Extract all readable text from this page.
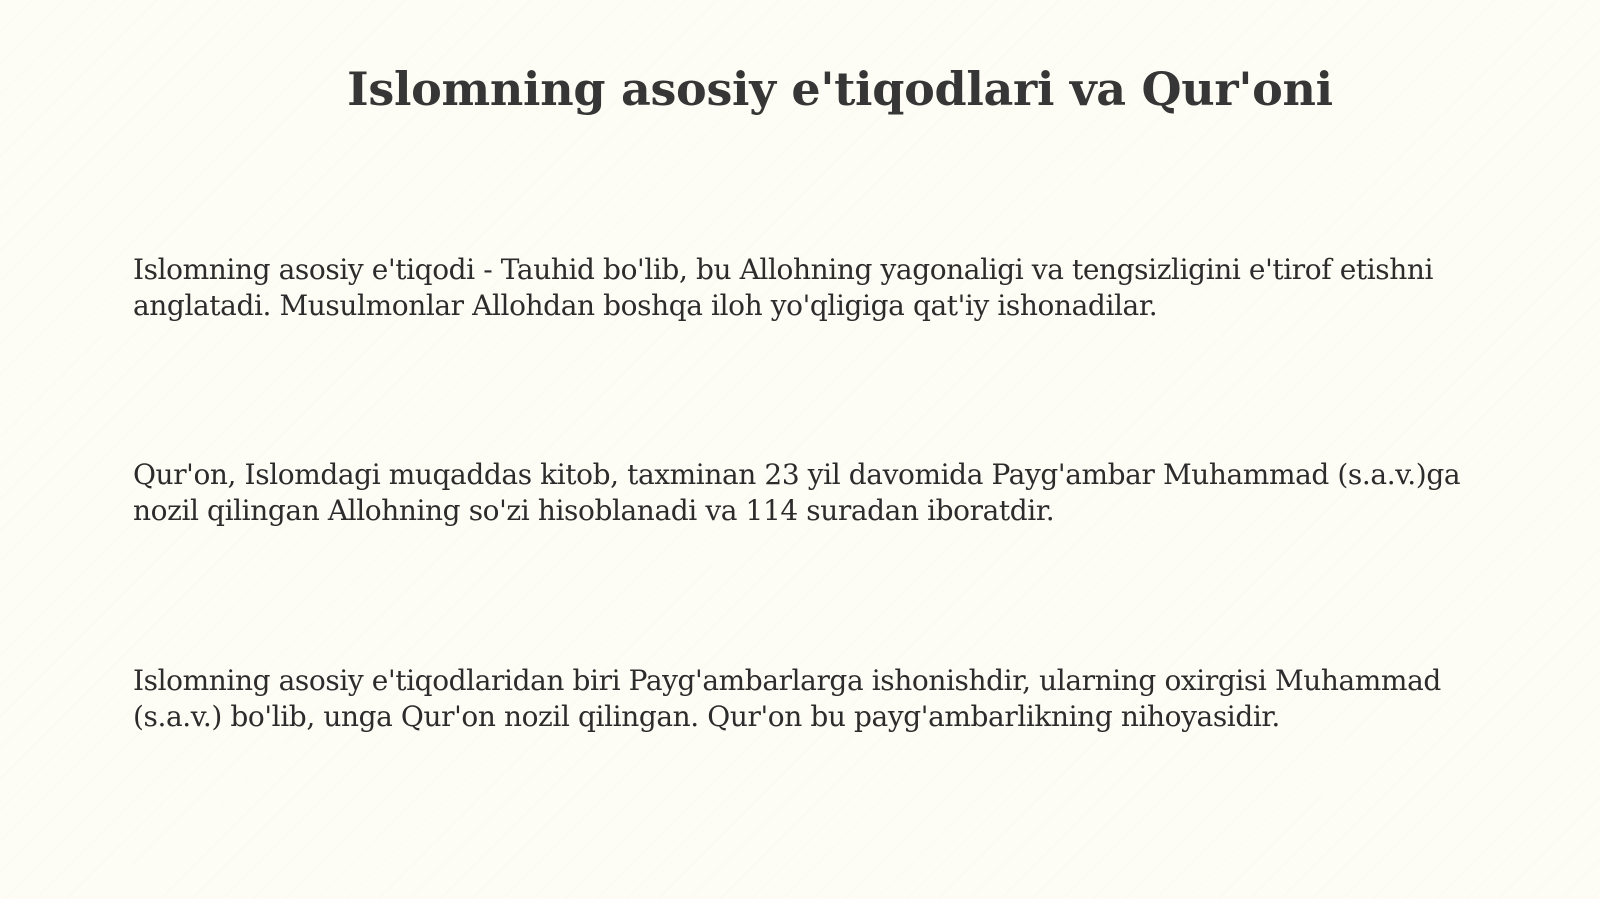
Islomning asosiy e'tiqodlari va Qur'oni

Islomning asosiy e'tiqodi - Tauhid bo'lib, bu Allohning yagonaligi va tengsizligini e'tirof etishni anglatadi. Musulmonlar Allohdan boshqa iloh yo'qligiga qat'iy ishonadilar.

Qur'on, Islomdagi muqaddas kitob, taxminan 23 yil davomida Payg'ambar Muhammad (s.a.v.)ga nozil qilingan Allohning so'zi hisoblanadi va 114 suradan iboratdir.

Islomning asosiy e'tiqodlaridan biri Payg'ambarlarga ishonishdir, ularning oxirgisi Muhammad (s.a.v.) bo'lib, unga Qur'on nozil qilingan. Qur'on bu payg'ambarlikning nihoyasidir.
